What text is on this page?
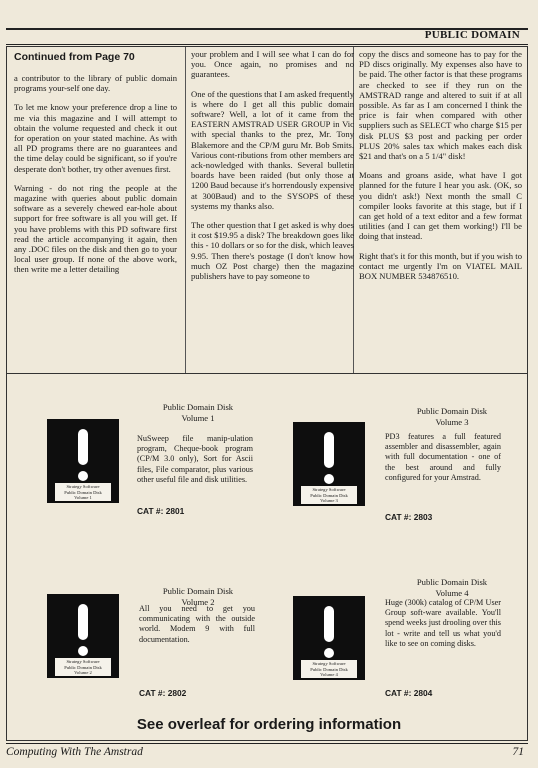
PUBLIC DOMAIN

Continued from Page 70

a contributor to the library of public domain programs your-self one day.

To let me know your preference drop a line to me via this magazine and I will attempt to obtain the volume requested and check it out for operation on your stated machine. As with all PD programs there are no guarantees and the time delay could be significant, so if you're desperate don't bother, try other avenues first.

Warning - do not ring the people at the magazine with queries about public domain software as a severely chewed ear-hole about support for free software is all you will get. If you have problems with this PD software first read the article accompanying it again, then any .DOC files on the disk and then go to your local user group. If none of the above work, then write me a letter detailing

your problem and I will see what I can do for you. Once again, no promises and no guarantees.

One of the questions that I am asked frequently is where do I get all this public domain software? Well, a lot of it came from the EASTERN AMSTRAD USER GROUP in Vic with special thanks to the prez, Mr. Tony Blakemore and the CP/M guru Mr. Bob Smits. Various cont-ributions from other members are ack-nowledged with thanks. Several bulletin boards have been raided (but only those at 1200 Baud because it's horrendously expensive at 300Baud) and to the SYSOPS of these systems my thanks also.

The other question that I get asked is why does it cost $19.95 a disk? The breakdown goes like this - 10 dollars or so for the disk, which leaves 9.95. Then there's postage (I don't know how much OZ Post charge) then the magazine publishers have to pay someone to

copy the discs and someone has to pay for the PD discs originally. My expenses also have to be paid. The other factor is that these programs are checked to see if they run on the AMSTRAD range and altered to suit if at all possible. As far as I am concerned I think the price is fair when compared with other suppliers such as SELECT who charge $15 per disk PLUS $3 post and packing per order PLUS 20% sales tax which makes each disk $21 and that's on a 5 1/4" disk!

Moans and groans aside, what have I got planned for the future I hear you ask. (OK, so you didn't ask!) Next month the small C compiler looks favorite at this stage, but if I can get hold of a text editor and a few format utilities (and I can get them working!) I'll be doing that instead.

Right that's it for this month, but if you wish to contact me urgently I'm on VIATEL MAIL BOX NUMBER 534876510.

Public Domain Disk
Volume 1
Strategy Software
Public Domain Disk
Volume 1
NuSweep file manip-ulation program, Cheque-book program (CP/M 3.0 only), Sort for Ascii files, File comparator, plus various other useful file and disk utilities.
CAT #: 2801
Public Domain Disk
Volume 3
Strategy Software
Public Domain Disk
Volume 3
PD3 features a full featured assembler and disassembler, again with full documentation - one of the best around and fully configured for your Amstrad.
CAT #: 2803
Public Domain Disk
Volume 2
Strategy Software
Public Domain Disk
Volume 2
All you need to get you communicating with the outside world. Modem 9 with full documentation.
CAT #: 2802
Public Domain Disk
Volume 4
Strategy Software
Public Domain Disk
Volume 4
Huge (300k) catalog of CP/M User Group soft-ware available. You'll spend weeks just drooling over this lot - write and tell us what you'd like to see on coming disks.
CAT #: 2804
See overleaf for ordering information
Computing With The Amstrad	71
